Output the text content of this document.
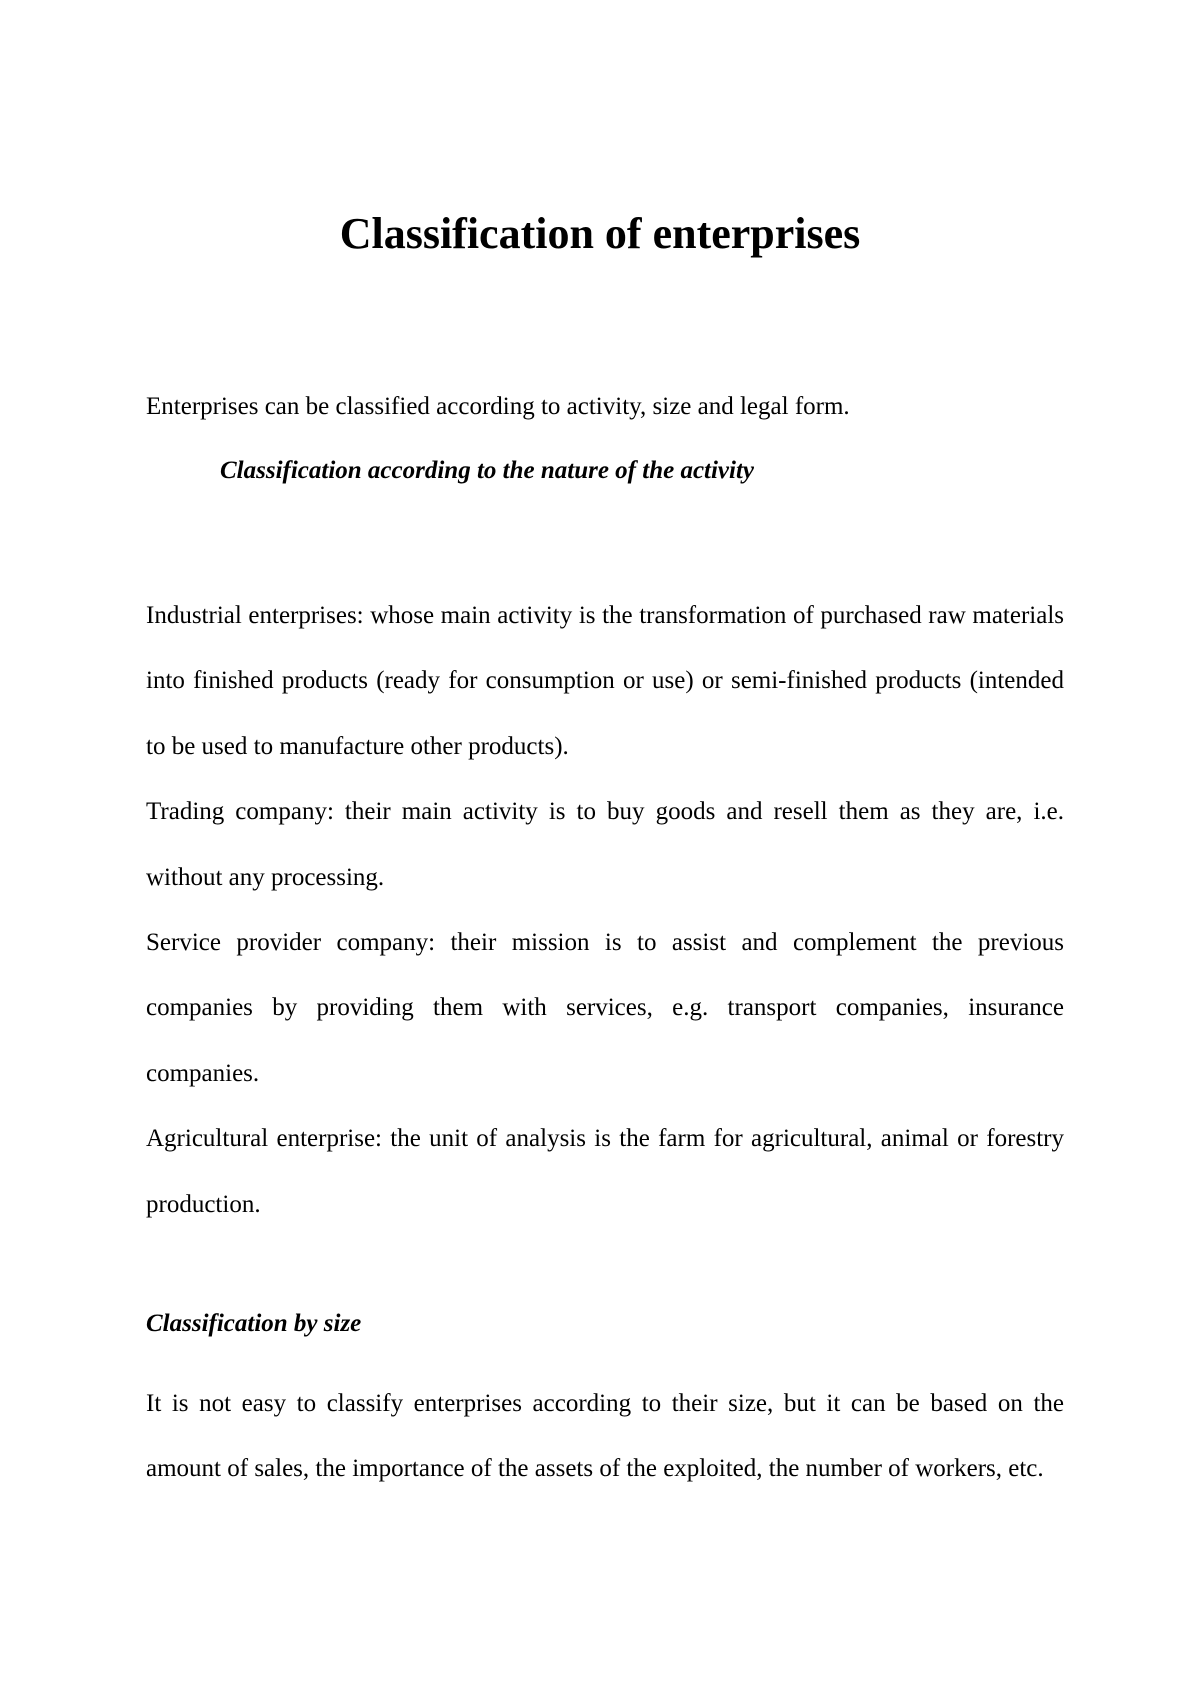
Classification of enterprises

Enterprises can be classified according to activity, size and legal form.

Classification according to the nature of the activity

Industrial enterprises: whose main activity is the transformation of purchased raw materials into finished products (ready for consumption or use) or semi-finished products (intended to be used to manufacture other products).

Trading company: their main activity is to buy goods and resell them as they are, i.e. without any processing.

Service provider company: their mission is to assist and complement the previous companies by providing them with services, e.g. transport companies, insurance companies.

Agricultural enterprise: the unit of analysis is the farm for agricultural, animal or forestry production.

Classification by size

It is not easy to classify enterprises according to their size, but it can be based on the amount of sales, the importance of the assets of the exploited, the number of workers, etc.
